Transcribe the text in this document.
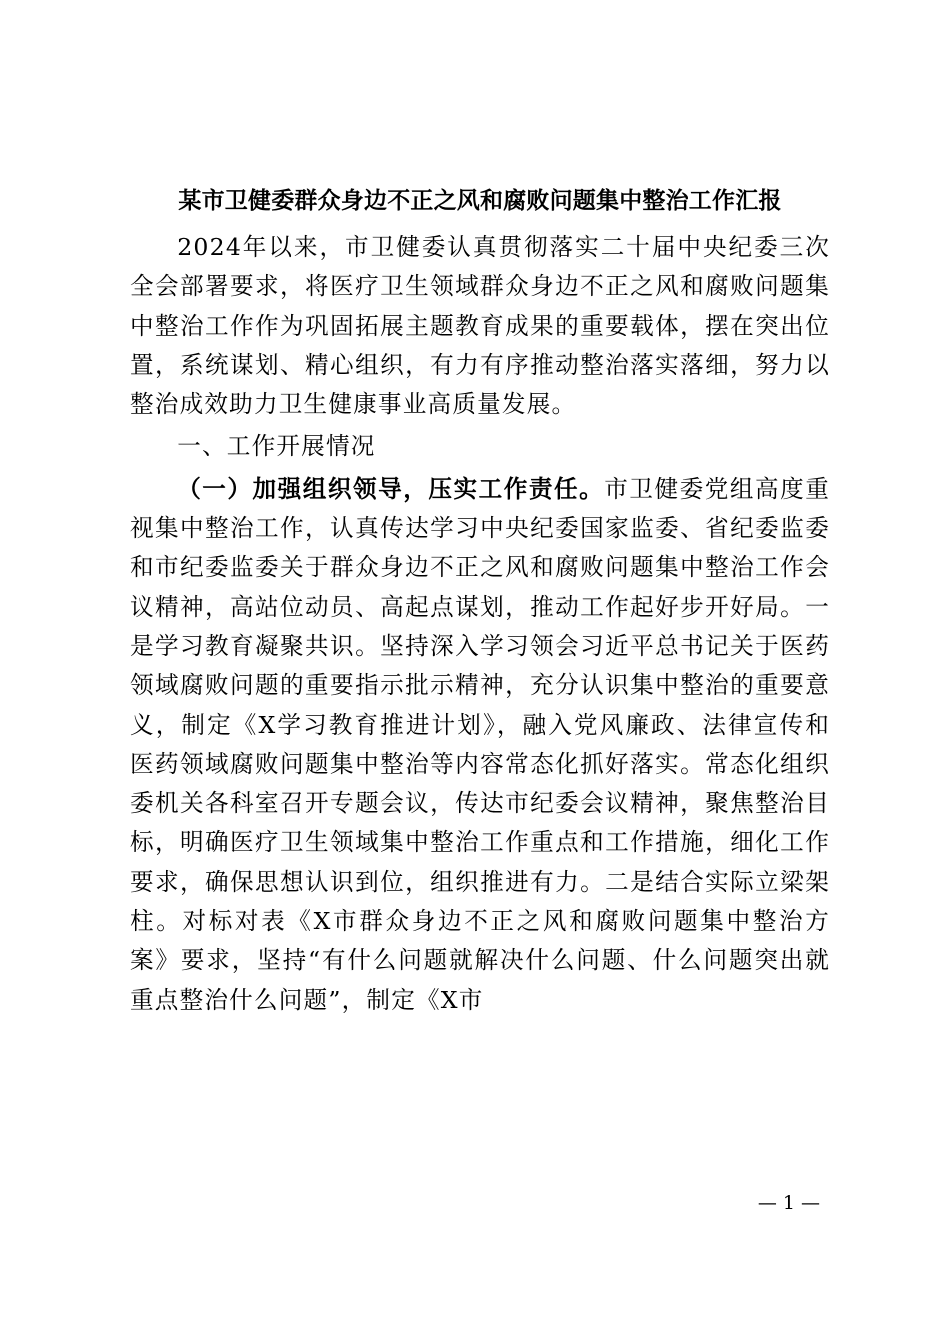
某市卫健委群众身边不正之风和腐败问题集中整治工作汇报

2024年以来，市卫健委认真贯彻落实二十届中央纪委三次全会部署要求，将医疗卫生领域群众身边不正之风和腐败问题集中整治工作作为巩固拓展主题教育成果的重要载体，摆在突出位置，系统谋划、精心组织，有力有序推动整治落实落细，努力以整治成效助力卫生健康事业高质量发展。

一、工作开展情况

（一）加强组织领导，压实工作责任。市卫健委党组高度重视集中整治工作，认真传达学习中央纪委国家监委、省纪委监委和市纪委监委关于群众身边不正之风和腐败问题集中整治工作会议精神，高站位动员、高起点谋划，推动工作起好步开好局。一是学习教育凝聚共识。坚持深入学习领会习近平总书记关于医药领域腐败问题的重要指示批示精神，充分认识集中整治的重要意义，制定《X学习教育推进计划》，融入党风廉政、法律宣传和医药领域腐败问题集中整治等内容常态化抓好落实。常态化组织委机关各科室召开专题会议，传达市纪委会议精神，聚焦整治目标，明确医疗卫生领域集中整治工作重点和工作措施，细化工作要求，确保思想认识到位，组织推进有力。二是结合实际立梁架柱。对标对表《X市群众身边不正之风和腐败问题集中整治方案》要求，坚持“有什么问题就解决什么问题、什么问题突出就重点整治什么问题”，制定《X市

— 1 —
